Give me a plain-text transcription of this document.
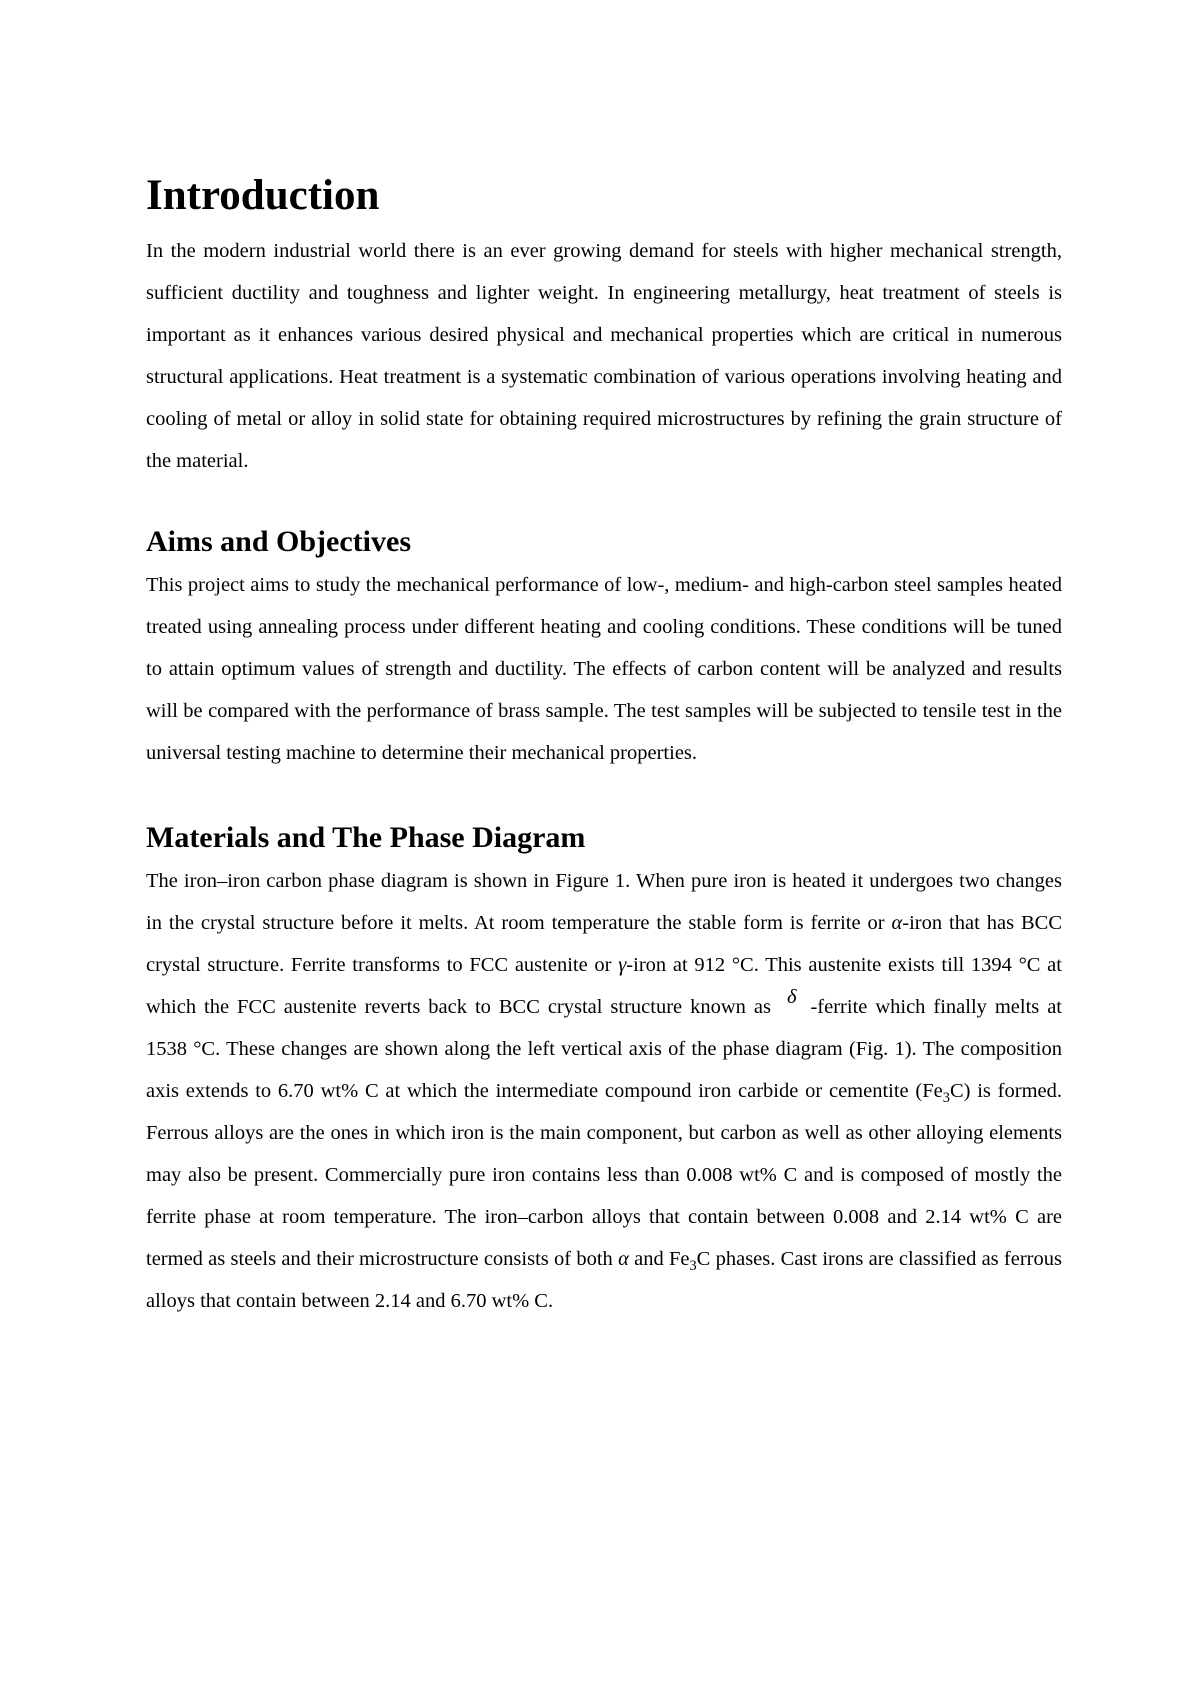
Introduction

In the modern industrial world there is an ever growing demand for steels with higher mechanical strength, sufficient ductility and toughness and lighter weight. In engineering metallurgy, heat treatment of steels is important as it enhances various desired physical and mechanical properties which are critical in numerous structural applications. Heat treatment is a systematic combination of various operations involving heating and cooling of metal or alloy in solid state for obtaining required microstructures by refining the grain structure of the material.

Aims and Objectives

This project aims to study the mechanical performance of low-, medium- and high-carbon steel samples heated treated using annealing process under different heating and cooling conditions. These conditions will be tuned to attain optimum values of strength and ductility. The effects of carbon content will be analyzed and results will be compared with the performance of brass sample. The test samples will be subjected to tensile test in the universal testing machine to determine their mechanical properties.

Materials and The Phase Diagram

The iron–iron carbon phase diagram is shown in Figure 1. When pure iron is heated it undergoes two changes in the crystal structure before it melts. At room temperature the stable form is ferrite or α-iron that has BCC crystal structure. Ferrite transforms to FCC austenite or γ-iron at 912 °C. This austenite exists till 1394 °C at which the FCC austenite reverts back to BCC crystal structure known as δ -ferrite which finally melts at 1538 °C. These changes are shown along the left vertical axis of the phase diagram (Fig. 1). The composition axis extends to 6.70 wt% C at which the intermediate compound iron carbide or cementite $(Fe_3C)$ is formed. Ferrous alloys are the ones in which iron is the main component, but carbon as well as other alloying elements may also be present. Commercially pure iron contains less than 0.008 wt% C and is composed of mostly the ferrite phase at room temperature. The iron–carbon alloys that contain between 0.008 and 2.14 wt% C are termed as steels and their microstructure consists of both α and $Fe_3C$ phases. Cast irons are classified as ferrous alloys that contain between 2.14 and 6.70 wt% C.
